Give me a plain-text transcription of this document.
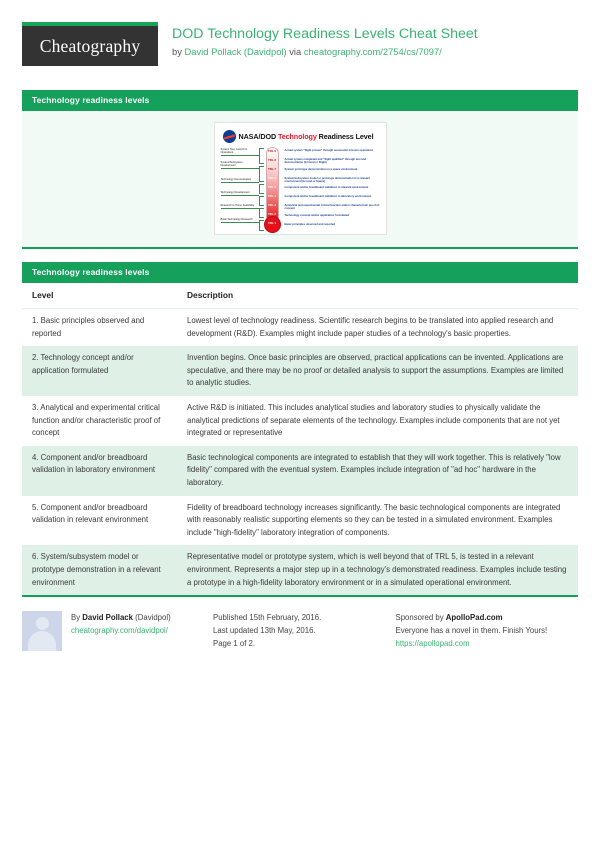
Cheatography
DOD Technology Readiness Levels Cheat Sheet
by David Pollack (Davidpol) via cheatography.com/2754/cs/7097/
Technology readiness levels
NASA/DOD Technology Readiness Level
System Test, Launch & Operations
System/Subsystem Development
Technology Demonstration
Technology Development
Research to Prove Feasibility
Basic Technology Research
TRL 9
TRL 8
TRL 7
TRL 6
TRL 5
TRL 4
TRL 3
TRL 2
TRL 1
Actual system "flight proven" through successful mission operations
Actual system completed and "flight qualified" through test and demonstration (Ground or Flight)
System prototype demonstration in a space environment
System/subsystem model or prototype demonstration in a relevant environment (Ground or Space)
Component and/or breadboard validation in relevant environment
Component and/or breadboard validation in laboratory environment
Analytical and experimental critical function and/or characteristic proof-of-concept
Technology concept and/or application formulated
Basic principles observed and reported
Technology readiness levels
Level	Description
1. Basic principles observed and reported	Lowest level of technology readiness. Scientific research begins to be translated into applied research and development (R&D). Examples might include paper studies of a technology's basic properties.
2. Technology concept and/or application formulated	Invention begins. Once basic principles are observed, practical applications can be invented. Applications are speculative, and there may be no proof or detailed analysis to support the assumptions. Examples are limited to analytic studies.
3. Analytical and experimental critical function and/or characteristic proof of concept	Active R&D is initiated. This includes analytical studies and laboratory studies to physically validate the analytical predictions of separate elements of the technology. Examples include components that are not yet integrated or representative
4. Component and/or breadboard validation in laboratory environment	Basic technological components are integrated to establish that they will work together. This is relatively "low fidelity" compared with the eventual system. Examples include integration of "ad hoc" hardware in the laboratory.
5. Component and/or breadboard validation in relevant environment	Fidelity of breadboard technology increases significantly. The basic technological components are integrated with reasonably realistic supporting elements so they can be tested in a simulated environment. Examples include "high-fidelity" laboratory integration of components.
6. System/subsystem model or prototype demonstration in a relevant environment	Representative model or prototype system, which is well beyond that of TRL 5, is tested in a relevant environment. Represents a major step up in a technology's demonstrated readiness. Examples include testing a prototype in a high-fidelity laboratory environment or in a simulated operational environment.
By David Pollack (Davidpol)
cheatography.com/davidpol/
Published 15th February, 2016.
Last updated 13th May, 2016.
Page 1 of 2.
Sponsored by ApolloPad.com
Everyone has a novel in them. Finish Yours!
https://apollopad.com
